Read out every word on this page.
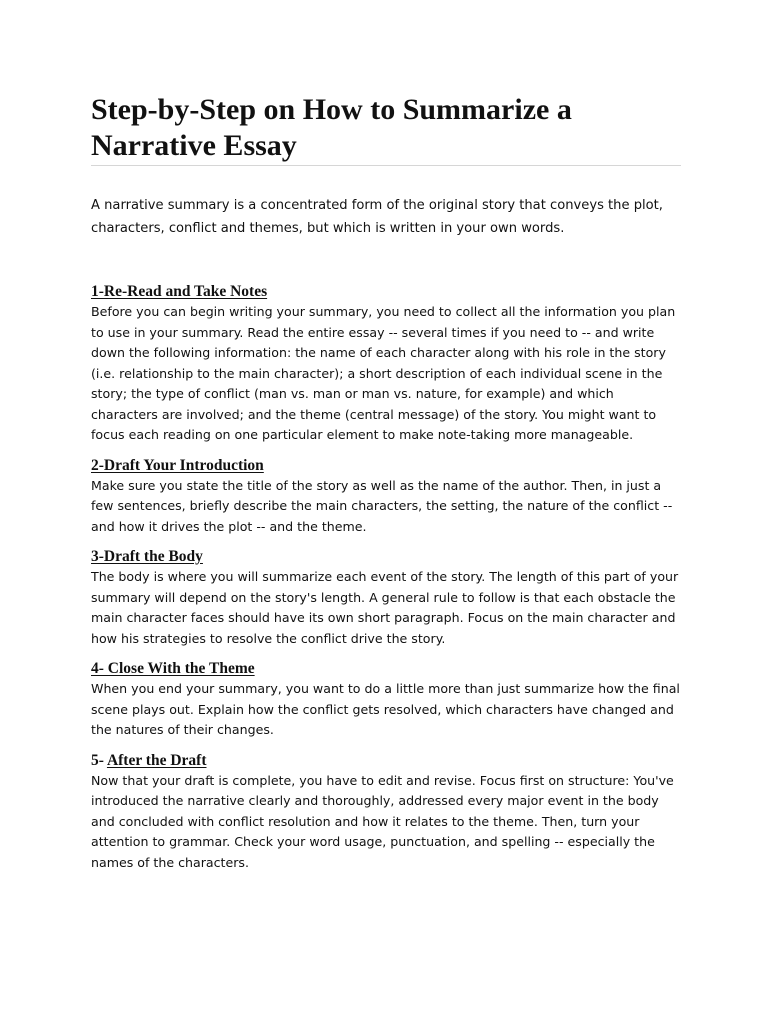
Step-by-Step on How to Summarize a Narrative Essay

A narrative summary is a concentrated form of the original story that conveys the plot, characters, conflict and themes, but which is written in your own words.

1-Re-Read and Take Notes

Before you can begin writing your summary, you need to collect all the information you plan to use in your summary. Read the entire essay -- several times if you need to -- and write down the following information: the name of each character along with his role in the story (i.e. relationship to the main character); a short description of each individual scene in the story; the type of conflict (man vs. man or man vs. nature, for example) and which characters are involved; and the theme (central message) of the story. You might want to focus each reading on one particular element to make note-taking more manageable.

2-Draft Your Introduction

Make sure you state the title of the story as well as the name of the author. Then, in just a few sentences, briefly describe the main characters, the setting, the nature of the conflict -- and how it drives the plot -- and the theme.

3-Draft the Body

The body is where you will summarize each event of the story. The length of this part of your summary will depend on the story's length. A general rule to follow is that each obstacle the main character faces should have its own short paragraph. Focus on the main character and how his strategies to resolve the conflict drive the story.

4- Close With the Theme

When you end your summary, you want to do a little more than just summarize how the final scene plays out. Explain how the conflict gets resolved, which characters have changed and the natures of their changes.

5- After the Draft

Now that your draft is complete, you have to edit and revise. Focus first on structure: You've introduced the narrative clearly and thoroughly, addressed every major event in the body and concluded with conflict resolution and how it relates to the theme. Then, turn your attention to grammar. Check your word usage, punctuation, and spelling -- especially the names of the characters.
